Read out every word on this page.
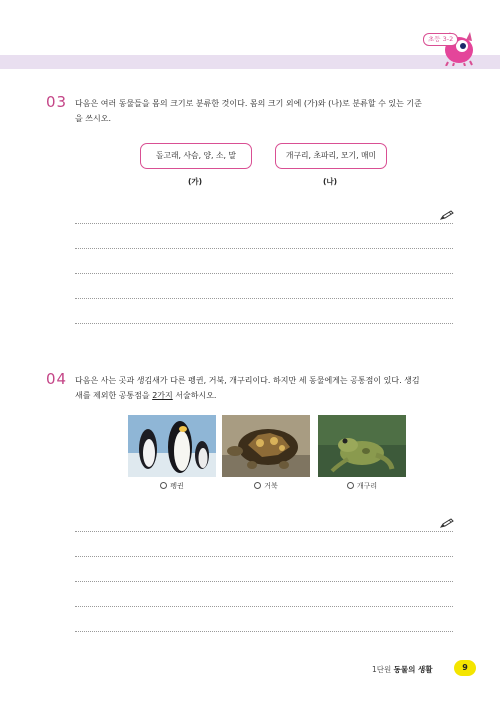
초등 3-2
03 다음은 여러 동물들을 몸의 크기로 분류한 것이다. 몸의 크기 외에 (가)와 (나)로 분류할 수 있는 기준
을 쓰시오.
돌고래, 사슴, 양, 소, 말	개구리, 초파리, 모기, 매미
(가)	(나)
04 다음은 사는 곳과 생김새가 다른 펭귄, 거북, 개구리이다. 하지만 세 동물에게는 공통점이 있다. 생김
새를 제외한 공통점을 2가지 서술하시오.
펭귄	거북	개구리
1단원 동물의 생활	9
